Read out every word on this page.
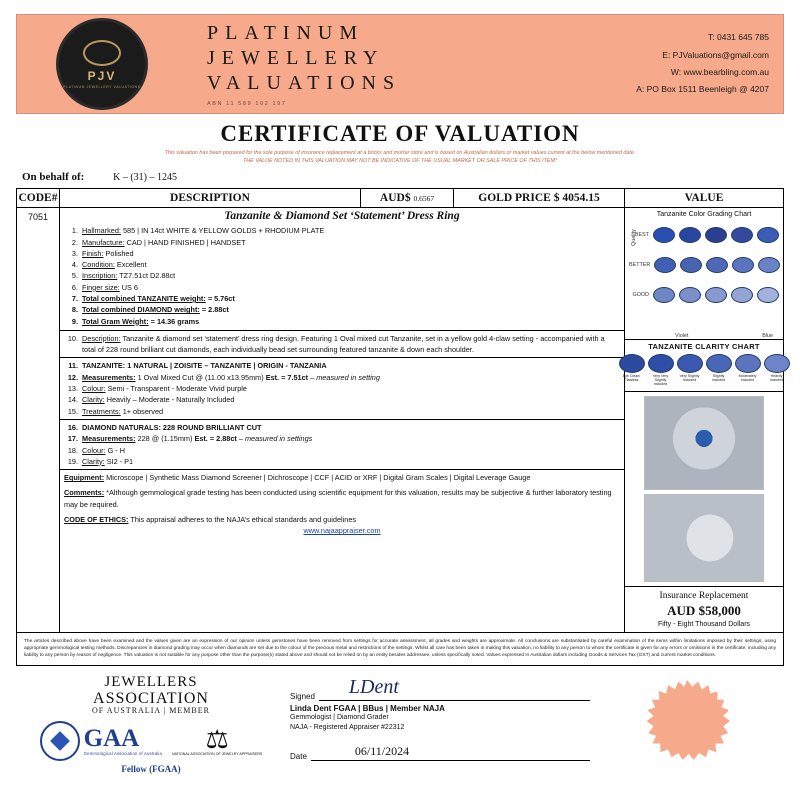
PJV
PLATINUM JEWELLERY VALUATIONS
PLATINUM
JEWELLERY
VALUATIONS
ABN 11 589 102 197
T: 0431 645 785
E: PJValuations@gmail.com
W: www.bearbling.com.au
A: PO Box 1511 Beenleigh @ 4207
CERTIFICATE OF VALUATION
This valuation has been prepared for the sole purpose of insurance replacement at a bricks and mortar store and is based on Australian dollars or market values current at the below mentioned date.
THE VALUE NOTED IN THIS VALUATION MAY NOT BE INDICATIVE OF THE USUAL MARKET OR SALE PRICE OF THIS ITEM*
On behalf of:	K – (31) – 1245
CODE#	DESCRIPTION	AUD$ 0.6567	GOLD PRICE $ 4054.15	VALUE
7051	Tanzanite & Diamond Set ‘Statement’ Dress Ring
1. Hallmarked: 585 | IN 14ct WHITE & YELLOW GOLDS + RHODIUM PLATE
2. Manufacture: CAD | HAND FINISHED | HANDSET
3. Finish: Polished
4. Condition: Excellent
5. Inscription: TZ7.51ct D2.88ct
6. Finger size: US 6
7. Total combined TANZANITE weight: = 5.76ct
8. Total combined DIAMOND weight: = 2.88ct
9. Total Gram Weight: = 14.36 grams
10. Description: Tanzanite & diamond set ‘statement’ dress ring design. Featuring 1 Oval mixed cut Tanzanite, set in a yellow gold 4-claw setting - accompanied with a total of 228 round brilliant cut diamonds, each individually bead set surrounding featured tanzanite & down each shoulder.
11. TANZANITE: 1 NATURAL | ZOISITE – TANZANITE | ORIGIN - TANZANIA
12. Measurements: 1 Oval Mixed Cut @ (11.00 x13.95mm) Est. = 7.51ct – measured in setting
13. Colour: Semi - Transparent - Moderate Vivid purple
14. Clarity: Heavily – Moderate - Naturally Included
15. Treatments: 1+ observed
16. DIAMOND NATURALS: 228 ROUND BRILLIANT CUT
17. Measurements: 228 @ (1.15mm) Est. = 2.88ct – measured in settings
18. Colour: G - H
19. Clarity: SI2 - P1
Equipment: Microscope | Synthetic Mass Diamond Screener | Dichroscope | CCF | ACID or XRF | Digital Gram Scales | Digital Leverage Gauge
Comments: *Although gemmological grade testing has been conducted using scientific equipment for this valuation, results may be subjective & further laboratory testing may be required.
CODE OF ETHICS: This appraisal adheres to the NAJA’s ethical standards and guidelines
www.najaappraiser.com

Tanzanite Color Grading Chart
Quality
BEST
BETTER
GOOD
Violet	Blue
TANZANITE CLARITY CHART
Eye Clean/ Flawless
Very Very Slightly Included
Very Slightly Included
Slightly Included
Moderately Included
Heavily Included
Insurance Replacement
AUD $58,000
Fifty - Eight Thousand Dollars

The articles described above have been examined and the values given are an expression of our opinion unless gemstones have been removed from settings for accurate assessment, all grades and weights are approximate. All conclusions are substantiated by careful examination of the items within limitations imposed by their settings, using appropriate gemmological testing methods. Discrepancies in diamond grading may occur when diamonds are set due to the colour of the precious metal and restrictions of the settings. Whilst all care has been taken in making this valuation, no liability to any person to whom the certificate is given for any errors or omissions in the certificate, including any liability to any person by reason of negligence. This valuation is not suitable for any purpose other than the purpose(s) stated above and should not be relied on by an entity besides addressee, unless specifically noted. Values expressed in Australian dollars including Goods & Services Tax (GST) and current market conditions.				
JEWELLERS
ASSOCIATION
OF AUSTRALIA | MEMBER
GAA
Gemmological Association of Australia	⚖
NATIONAL ASSOCIATION OF JEWELRY APPRAISERS
Fellow (FGAA)
Signed LDent
Linda Dent FGAA | BBus | Member NAJA
Gemmologist | Diamond Grader
NAJA - Registered Appraiser #22312
Date	06/11/2024
